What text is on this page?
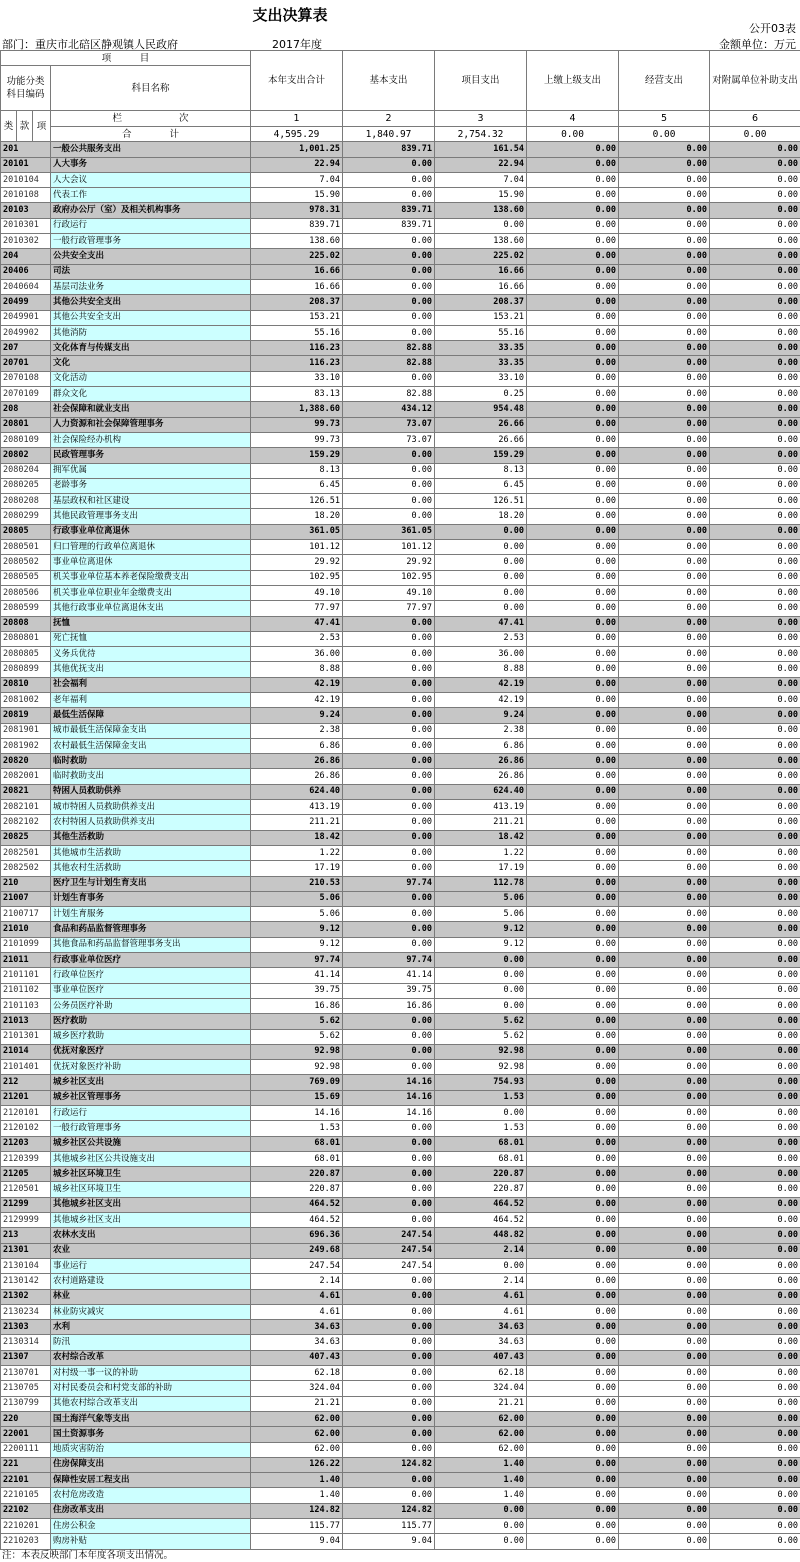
支出决算表
公开03表
部门：重庆市北碚区静观镇人民政府	2017年度	金额单位：万元
项　　　目				本年支出合计	基本支出	项目支出	上缴上级支出	经营支出	对附属单位补助支出
功能分类科目编码			科目名称						

类	款	项	栏　　　　　　次	1	2	3	4	5	6
			合　　　　计	4,595.29	1,840.97	2,754.32	0.00	0.00	0.00
201			一般公共服务支出	1,001.25	839.71	161.54	0.00	0.00	0.00
20101			人大事务	22.94	0.00	22.94	0.00	0.00	0.00
2010104			人大会议	7.04	0.00	7.04	0.00	0.00	0.00
2010108			代表工作	15.90	0.00	15.90	0.00	0.00	0.00
20103			政府办公厅（室）及相关机构事务	978.31	839.71	138.60	0.00	0.00	0.00
2010301			行政运行	839.71	839.71	0.00	0.00	0.00	0.00
2010302			一般行政管理事务	138.60	0.00	138.60	0.00	0.00	0.00
204			公共安全支出	225.02	0.00	225.02	0.00	0.00	0.00
20406			司法	16.66	0.00	16.66	0.00	0.00	0.00
2040604			基层司法业务	16.66	0.00	16.66	0.00	0.00	0.00
20499			其他公共安全支出	208.37	0.00	208.37	0.00	0.00	0.00
2049901			其他公共安全支出	153.21	0.00	153.21	0.00	0.00	0.00
2049902			其他消防	55.16	0.00	55.16	0.00	0.00	0.00
207			文化体育与传媒支出	116.23	82.88	33.35	0.00	0.00	0.00
20701			文化	116.23	82.88	33.35	0.00	0.00	0.00
2070108			文化活动	33.10	0.00	33.10	0.00	0.00	0.00
2070109			群众文化	83.13	82.88	0.25	0.00	0.00	0.00
208			社会保障和就业支出	1,388.60	434.12	954.48	0.00	0.00	0.00
20801			人力资源和社会保障管理事务	99.73	73.07	26.66	0.00	0.00	0.00
2080109			社会保险经办机构	99.73	73.07	26.66	0.00	0.00	0.00
20802			民政管理事务	159.29	0.00	159.29	0.00	0.00	0.00
2080204			拥军优属	8.13	0.00	8.13	0.00	0.00	0.00
2080205			老龄事务	6.45	0.00	6.45	0.00	0.00	0.00
2080208			基层政权和社区建设	126.51	0.00	126.51	0.00	0.00	0.00
2080299			其他民政管理事务支出	18.20	0.00	18.20	0.00	0.00	0.00
20805			行政事业单位离退休	361.05	361.05	0.00	0.00	0.00	0.00
2080501			归口管理的行政单位离退休	101.12	101.12	0.00	0.00	0.00	0.00
2080502			事业单位离退休	29.92	29.92	0.00	0.00	0.00	0.00
2080505			机关事业单位基本养老保险缴费支出	102.95	102.95	0.00	0.00	0.00	0.00
2080506			机关事业单位职业年金缴费支出	49.10	49.10	0.00	0.00	0.00	0.00
2080599			其他行政事业单位离退休支出	77.97	77.97	0.00	0.00	0.00	0.00
20808			抚恤	47.41	0.00	47.41	0.00	0.00	0.00
2080801			死亡抚恤	2.53	0.00	2.53	0.00	0.00	0.00
2080805			义务兵优待	36.00	0.00	36.00	0.00	0.00	0.00
2080899			其他优抚支出	8.88	0.00	8.88	0.00	0.00	0.00
20810			社会福利	42.19	0.00	42.19	0.00	0.00	0.00
2081002			老年福利	42.19	0.00	42.19	0.00	0.00	0.00
20819			最低生活保障	9.24	0.00	9.24	0.00	0.00	0.00
2081901			城市最低生活保障金支出	2.38	0.00	2.38	0.00	0.00	0.00
2081902			农村最低生活保障金支出	6.86	0.00	6.86	0.00	0.00	0.00
20820			临时救助	26.86	0.00	26.86	0.00	0.00	0.00
2082001			临时救助支出	26.86	0.00	26.86	0.00	0.00	0.00
20821			特困人员救助供养	624.40	0.00	624.40	0.00	0.00	0.00
2082101			城市特困人员救助供养支出	413.19	0.00	413.19	0.00	0.00	0.00
2082102			农村特困人员救助供养支出	211.21	0.00	211.21	0.00	0.00	0.00
20825			其他生活救助	18.42	0.00	18.42	0.00	0.00	0.00
2082501			其他城市生活救助	1.22	0.00	1.22	0.00	0.00	0.00
2082502			其他农村生活救助	17.19	0.00	17.19	0.00	0.00	0.00
210			医疗卫生与计划生育支出	210.53	97.74	112.78	0.00	0.00	0.00
21007			计划生育事务	5.06	0.00	5.06	0.00	0.00	0.00
2100717			计划生育服务	5.06	0.00	5.06	0.00	0.00	0.00
21010			食品和药品监督管理事务	9.12	0.00	9.12	0.00	0.00	0.00
2101099			其他食品和药品监督管理事务支出	9.12	0.00	9.12	0.00	0.00	0.00
21011			行政事业单位医疗	97.74	97.74	0.00	0.00	0.00	0.00
2101101			行政单位医疗	41.14	41.14	0.00	0.00	0.00	0.00
2101102			事业单位医疗	39.75	39.75	0.00	0.00	0.00	0.00
2101103			公务员医疗补助	16.86	16.86	0.00	0.00	0.00	0.00
21013			医疗救助	5.62	0.00	5.62	0.00	0.00	0.00
2101301			城乡医疗救助	5.62	0.00	5.62	0.00	0.00	0.00
21014			优抚对象医疗	92.98	0.00	92.98	0.00	0.00	0.00
2101401			优抚对象医疗补助	92.98	0.00	92.98	0.00	0.00	0.00
212			城乡社区支出	769.09	14.16	754.93	0.00	0.00	0.00
21201			城乡社区管理事务	15.69	14.16	1.53	0.00	0.00	0.00
2120101			行政运行	14.16	14.16	0.00	0.00	0.00	0.00
2120102			一般行政管理事务	1.53	0.00	1.53	0.00	0.00	0.00
21203			城乡社区公共设施	68.01	0.00	68.01	0.00	0.00	0.00
2120399			其他城乡社区公共设施支出	68.01	0.00	68.01	0.00	0.00	0.00
21205			城乡社区环境卫生	220.87	0.00	220.87	0.00	0.00	0.00
2120501			城乡社区环境卫生	220.87	0.00	220.87	0.00	0.00	0.00
21299			其他城乡社区支出	464.52	0.00	464.52	0.00	0.00	0.00
2129999			其他城乡社区支出	464.52	0.00	464.52	0.00	0.00	0.00
213			农林水支出	696.36	247.54	448.82	0.00	0.00	0.00
21301			农业	249.68	247.54	2.14	0.00	0.00	0.00
2130104			事业运行	247.54	247.54	0.00	0.00	0.00	0.00
2130142			农村道路建设	2.14	0.00	2.14	0.00	0.00	0.00
21302			林业	4.61	0.00	4.61	0.00	0.00	0.00
2130234			林业防灾减灾	4.61	0.00	4.61	0.00	0.00	0.00
21303			水利	34.63	0.00	34.63	0.00	0.00	0.00
2130314			防汛	34.63	0.00	34.63	0.00	0.00	0.00
21307			农村综合改革	407.43	0.00	407.43	0.00	0.00	0.00
2130701			对村级一事一议的补助	62.18	0.00	62.18	0.00	0.00	0.00
2130705			对村民委员会和村党支部的补助	324.04	0.00	324.04	0.00	0.00	0.00
2130799			其他农村综合改革支出	21.21	0.00	21.21	0.00	0.00	0.00
220			国土海洋气象等支出	62.00	0.00	62.00	0.00	0.00	0.00
22001			国土资源事务	62.00	0.00	62.00	0.00	0.00	0.00
2200111			地质灾害防治	62.00	0.00	62.00	0.00	0.00	0.00
221			住房保障支出	126.22	124.82	1.40	0.00	0.00	0.00
22101			保障性安居工程支出	1.40	0.00	1.40	0.00	0.00	0.00
2210105			农村危房改造	1.40	0.00	1.40	0.00	0.00	0.00
22102			住房改革支出	124.82	124.82	0.00	0.00	0.00	0.00
2210201			住房公积金	115.77	115.77	0.00	0.00	0.00	0.00
2210203			购房补贴	9.04	9.04	0.00	0.00	0.00	0.00
注：本表反映部门本年度各项支出情况。
